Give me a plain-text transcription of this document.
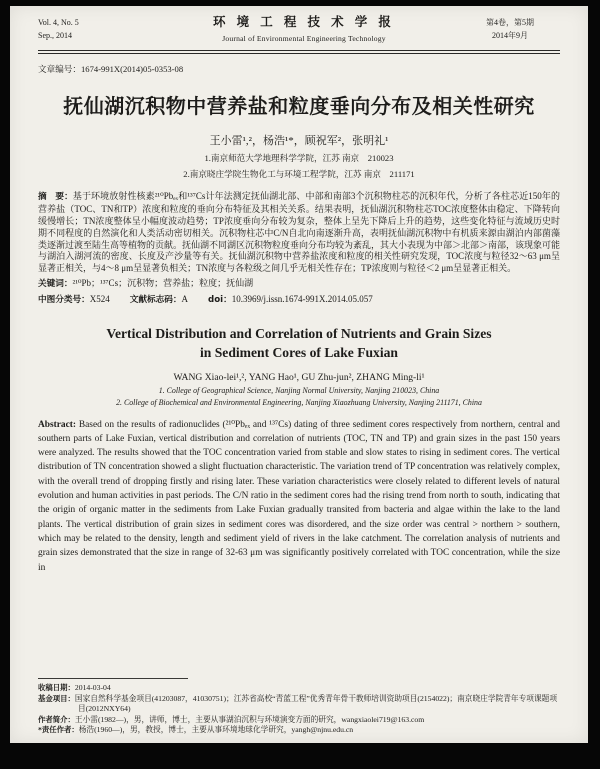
Vol. 4, No. 5
Sep., 2014
环 境 工 程 技 术 学 报
Journal of Environmental Engineering Technology
第4卷，第5期
2014年9月
文章编号：1674-991X(2014)05-0353-08
抚仙湖沉积物中营养盐和粒度垂向分布及相关性研究
王小雷¹,²，杨浩¹*，顾祝军²，张明礼¹
1.南京师范大学地理科学学院，江苏 南京　210023
2.南京晓庄学院生物化工与环境工程学院，江苏 南京　211171

摘　要：基于环境放射性核素²¹⁰Pbₑₓ和¹³⁷Cs计年法测定抚仙湖北部、中部和南部3个沉积物柱芯的沉积年代，分析了各柱芯近150年的营养盐（TOC、TN和TP）浓度和粒度的垂向分布特征及其相关关系。结果表明，抚仙湖沉积物柱芯TOC浓度整体由稳定、下降转向缓慢增长；TN浓度整体呈小幅度波动趋势；TP浓度垂向分布较为复杂，整体上呈先下降后上升的趋势，这些变化特征与流域历史时期不同程度的自然演化和人类活动密切相关。沉积物柱芯中C/N自北向南逐渐升高，表明抚仙湖沉积物中有机质来源由湖泊内部菌藻类逐渐过渡至陆生高等植物的贡献。抚仙湖不同湖区沉积物粒度垂向分布均较为紊乱，其大小表现为中部＞北部＞南部，该现象可能与湖泊入湖河流的密度、长度及产沙量等有关。抚仙湖沉积物中营养盐浓度和粒度的相关性研究发现，TOC浓度与粒径32～63 μm呈显著正相关，与4～8 μm呈显著负相关；TN浓度与各粒级之间几乎无相关性存在；TP浓度则与粒径＜2 μm呈显著正相关。

关键词：²¹⁰Pb；¹³⁷Cs；沉积物；营养盐；粒度；抚仙湖

中图分类号：X524 文献标志码：A doi：10.3969/j.issn.1674-991X.2014.05.057

Vertical Distribution and Correlation of Nutrients and Grain Sizes
in Sediment Cores of Lake Fuxian
WANG Xiao-lei¹,², YANG Hao¹, GU Zhu-jun², ZHANG Ming-li¹
1. College of Geographical Science, Nanjing Normal University, Nanjing 210023, China
2. College of Biochemical and Environmental Engineering, Nanjing Xiaozhuang University, Nanjing 211171, China

Abstract: Based on the results of radionuclides (²¹⁰Pbₑₓ and ¹³⁷Cs) dating of three sediment cores respectively from northern, central and southern parts of Lake Fuxian, vertical distribution and correlation of nutrients (TOC, TN and TP) and grain sizes in the past 150 years were analyzed. The results showed that the TOC concentration varied from stable and slow states to rising in sediment cores. The vertical distribution of TN concentration showed a slight fluctuation characteristic. The variation trend of TP concentration was relatively complex, with the overall trend of dropping firstly and rising later. These variation characteristics were closely related to different levels of natural evolution and human activities in past periods. The C/N ratio in the sediment cores had the rising trend from north to south, indicating that the origin of organic matter in the sediments from Lake Fuxian gradually transited from bacteria and algae within the lake to the land plants. The vertical distribution of grain sizes in sediment cores was disordered, and the size order was central > northern > southern, which may be related to the density, length and sediment yield of rivers in the lake catchment. The correlation analysis of nutrients and grain sizes demonstrated that the size in range of 32-63 μm was significantly positively correlated with TOC concentration, while the size in

收稿日期：2014-03-04
基金项目：国家自然科学基金项目(41203087，41030751)；江苏省高校“青蓝工程”优秀青年骨干教师培训资助项目(2154022)；南京晓庄学院青年专项课题项目(2012NXY64)
作者简介：王小雷(1982—)，男，讲师，博士，主要从事湖泊沉积与环境演变方面的研究，wangxiaolei719@163.com
*责任作者：杨浩(1960—)，男，教授，博士，主要从事环境地球化学研究，yangh@njnu.edu.cn
